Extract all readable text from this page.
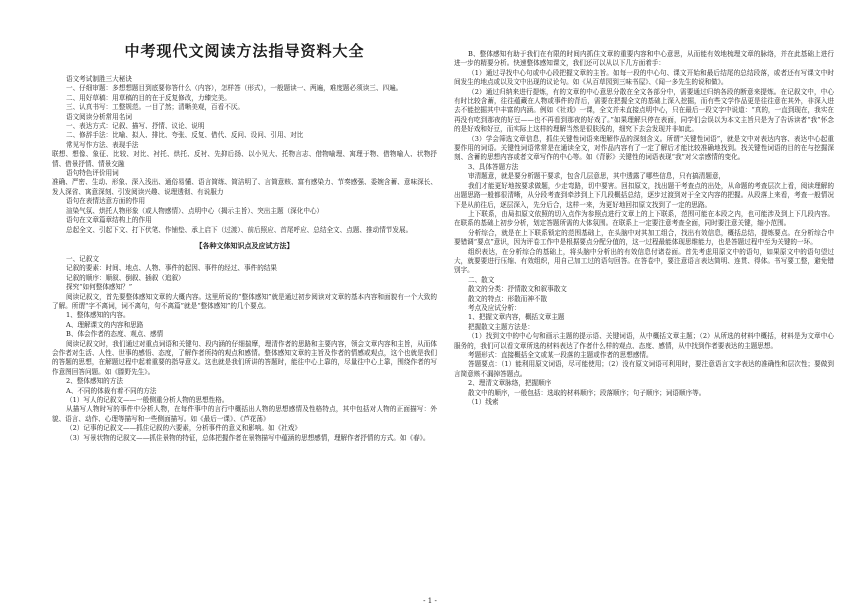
中考现代文阅读方法指导资料大全

语文考试制胜三大秘诀

一、仔细审题：多想想题目到底要你答什么（内容），怎样答（形式），一般题读一、两遍，难度题必须读三、四遍。

二、用好草稿：用草稿的目的在于反复修改，力臻完美。

三、认真书写：工整规范。一目了然；清晰美观，百看不厌。

语文阅读分析常用名词

一、表达方式：记叙、描写、抒情、议论、说明

二、修辞手法：比喻、拟人、排比、夸张、反复、借代、反问、设问、引用、对比

常见写作方法、表现手法

联想、想像、象征、比较、对比、衬托、烘托、反衬、先抑后扬、以小见大、托物言志、借物喻理、寓理于物、借物喻人、状物抒情、借景抒情、情景交融

语句特色评价用词

准确、严密、生动、形象、深入浅出、通俗易懂、语言简练、简洁明了、言简意赅、富有感染力、节奏感强、委婉含蓄、意味深长、发人深省、寓意深刻、引发阅读兴趣、说理透彻、有说服力

语句在表情达意方面的作用

渲染气氛、烘托人物形象（或人物感情）、点明中心（揭示主旨）、突出主题（深化中心）

语句在文章篇章结构上的作用

总起全文、引起下文、打下伏笔、作铺垫、承上启下（过渡）、前后照应、首尾呼应、总结全文、点题、推动情节发展。

【各种文体知识点及应试方法】

一、记叙文

记叙的要素：时间、地点、人物、事件的起因、事件的经过、事件的结果

记叙的顺序：顺叙、倒叙、插叙（追叙）

探究“如何整体感知？”

阅读记叙文，首先要整体感知文章的大概内容。这里所说的“整体感知”就是通过初步阅读对文章的基本内容和面貌有一个大致的了解。所谓“字不离词，词不离句，句不离篇”就是“整体感知”的几个要点。

1、整体感知的内容。

A、理解课文的内容和思路

B、体会作者的态度、观点、感情

阅读记叙文时，我们通过对重点词语和关键句、段内涵的仔细揣摩，理清作者的思路和主要内容，领会文章内容和主旨，从而体会作者对生活、人性、世事的感悟、态度，了解作者所持的观点和感情。整体感知文章的主旨及作者的情感或观点，这个也就是我们的答题的思想，在解题过程中起着重要的指导意义。这也就是我们所讲的答题时，能往中心上靠的，尽量往中心上靠，围绕作者的写作意图回答问题。如《滕野先生》。

2、整体感知的方法

A、不同的体裁有着不同的方法

（1）写人的记叙文——一般侧重分析人物的思想性格。

从描写人物时写的事件中分析人物，在每件事中的言行中概括出人物的思想感情及性格特点，其中包括对人物的正面描写：外貌、语言、动作、心理等描写和一些侧面描写。如《最后一课》、《芦花荡》

（2）记事的记叙文——抓住记叙的六要素，分析事件的意义和影响。如《社戏》

（3）写景状物的记叙文——抓住景物的特征，总体把握作者在景物描写中蕴涵的思想感情，理解作者抒情的方式。如《春》。

B、整体感知有助于我们在有限的时间内抓住文章的重要内容和中心意思，从而能有效地梳理文章的脉络，并在此基础上进行进一步的精要分析。快速整体感知课文，我们还可以从以下几方面着手：

（1）通过寻找中心句或中心段把握文章的主旨。如每一段的中心句、课文开始和最后结尾的总结段落，或者还有写课文中时间发生的地点或以及文中出现的议论句。如《从百草园到三味书屋》、《闻一多先生的说和做》。

（2）通过归纳来进行提炼，有的文章的中心意思分散在全文各部分中，需要通过归纳各段的断意来提炼。在记叙文中，中心有时比较含蓄，往往蕴藏在人物或事件的背后，需要在把握全文的基础上深入挖掘，而有些文学作品更是往往意在其外，非深入进去不能挖掘其中丰富的内涵。例如《社戏》一课，全文并未直接点明中心，只在最后一段文字中说道：“真的，一直到现在，我实在再没有吃到那夜的好豆——也不再看到那夜的好戏了。”如果理解只停在表面，同学们会误以为本文主旨只是为了告诉读者“我”怀念的是好戏和好豆，而实际上这样的理解当然是很肤浅的，细究下去会发现并非如此。

（3）学会筛选文章信息，抓住关键性词语来理解作品的深刻含义。所谓“关键性词语”，就是文中对表达内容、表达中心起重要作用的词语。关键性词语常常是在通读全文，对作品内容有了一定了解后才能比较准确地找到。找关键性词语的目的在与挖掘深刻、含蓄的思想内容或者文章写作的中心等。如《背影》关键性的词语表现“我”对父亲感情的变化。

3、具体答题方法

审清题意，就是要分析题干要求，包含几层意思，其中透露了哪些信息，只有搞清题意，

我们才能更好地按要求做题，少走弯路，切中要害。回扣原文，找出题干考查点的出处，从命题的考查层次上看，阅读理解的出题思路一般都很清晰，从分段考查到牵涉到上下几段概括总结，逐步过渡到对于全文内容的把握。从段落上来看，考查一般情况下是从前往后，逐层深入，先分后合，这样一来，为更好地回扣原文找到了一定的思路。

上下联系，由局扣原文依照的切入点作为参照点进行文章上的上下联系，范围可能在本段之内，也可能涉及到上下几段内容。在联系的基础上初步分析，划定答题所需的大体氛围。在联系上一定要注意考查全面，同时要注意关键，缩小范围。

分析综合，就是在上下联系锁定的范围基础上，在头脑中对其加工组合，找出有效信息，概括总结，提炼要点。在分析综合中要错调“要点”意识，因为评卷工作中是根据要点分配分值的，这一过程最能体现思维能力，也是答题过程中至为关键的一环。

组织表达，在分析综合的基础上，将头脑中分析出的有效信息付诸卷面。首先考虑用原文中的语句，如果原文中的语句望过大，就要要进行压缩、有效组织，用自己加工过的语句回答。在答卷中，要注意语言表达简明、连贯、得体。书写要工整，避免错别字。

二、散文

散文的分类：抒情散文和叙事散文

散文的特点：形散而神不散

考点及应试分析：

1、把握文章内容，概括文章主题

把握散文主题方法是：

（1）找到文中的中心句和画示主题的提示语、关键词语，从中概括文章主题；（2）从所选的材料中概括，材料是为文章中心服务的，我们可以看文章所选的材料表达了作者什么样的观点、态度、感情，从中找到作者要表达的主题思想。

考题形式：直接概括全文或某一段落的主题或作者的思想感情。

答题要点：（1）能利用原文词语，尽可能使用；（2）没有原文词语可利用时，要注意语言文字表达的准确性和层次性；要做到言简意赅不漏掉答题点。

2、理清文章脉络，把握顺序

散文中的顺序，一般包括：选取的材料顺序；段落顺序；句子顺序；词语顺序等。

（1）线索

- 1 -
